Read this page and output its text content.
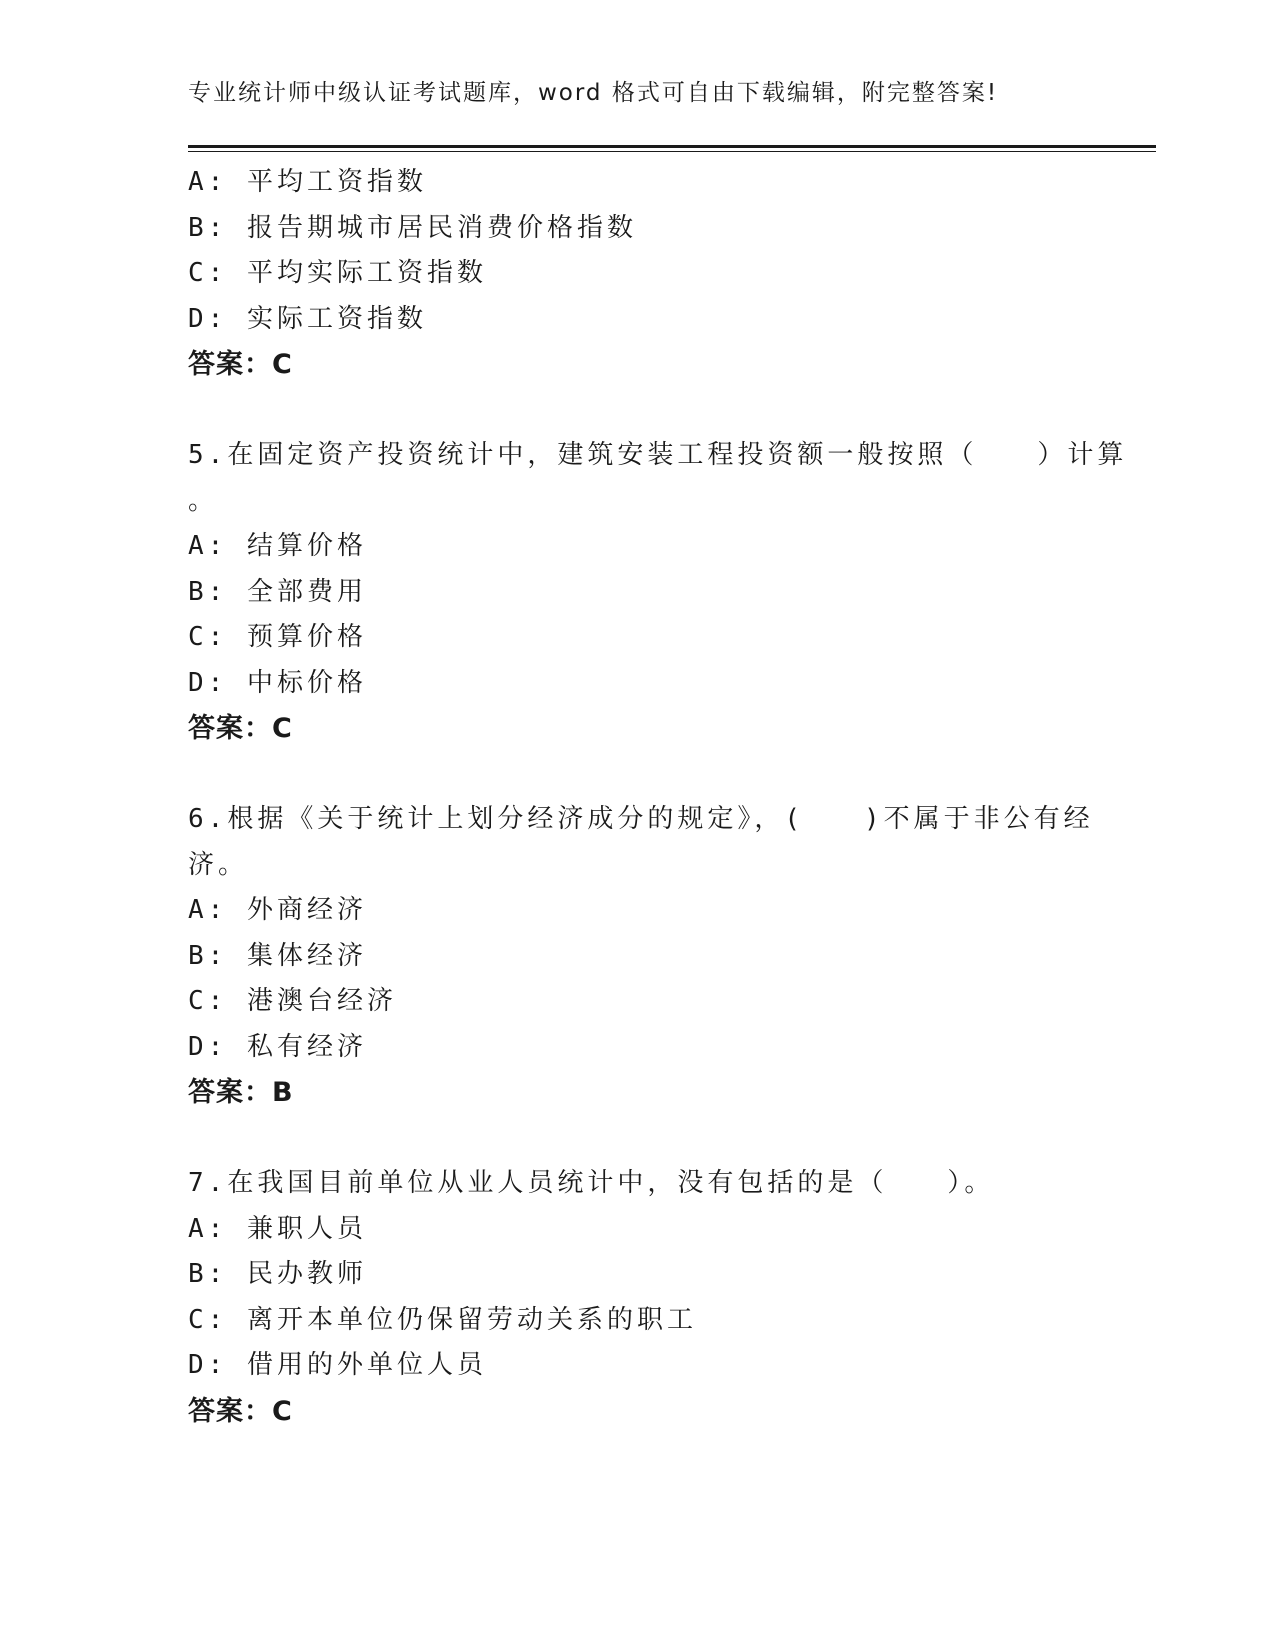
专业统计师中级认证考试题库，word 格式可自由下载编辑，附完整答案!
A: 平均工资指数
B: 报告期城市居民消费价格指数
C: 平均实际工资指数
D: 实际工资指数
答案：C
5.在固定资产投资统计中，建筑安装工程投资额一般按照（　　）计算
。
A: 结算价格
B: 全部费用
C: 预算价格
D: 中标价格
答案：C
6.根据《关于统计上划分经济成分的规定》，(　　)不属于非公有经
济。
A: 外商经济
B: 集体经济
C: 港澳台经济
D: 私有经济
答案：B
7.在我国目前单位从业人员统计中，没有包括的是（　　）。
A: 兼职人员
B: 民办教师
C: 离开本单位仍保留劳动关系的职工
D: 借用的外单位人员
答案：C
